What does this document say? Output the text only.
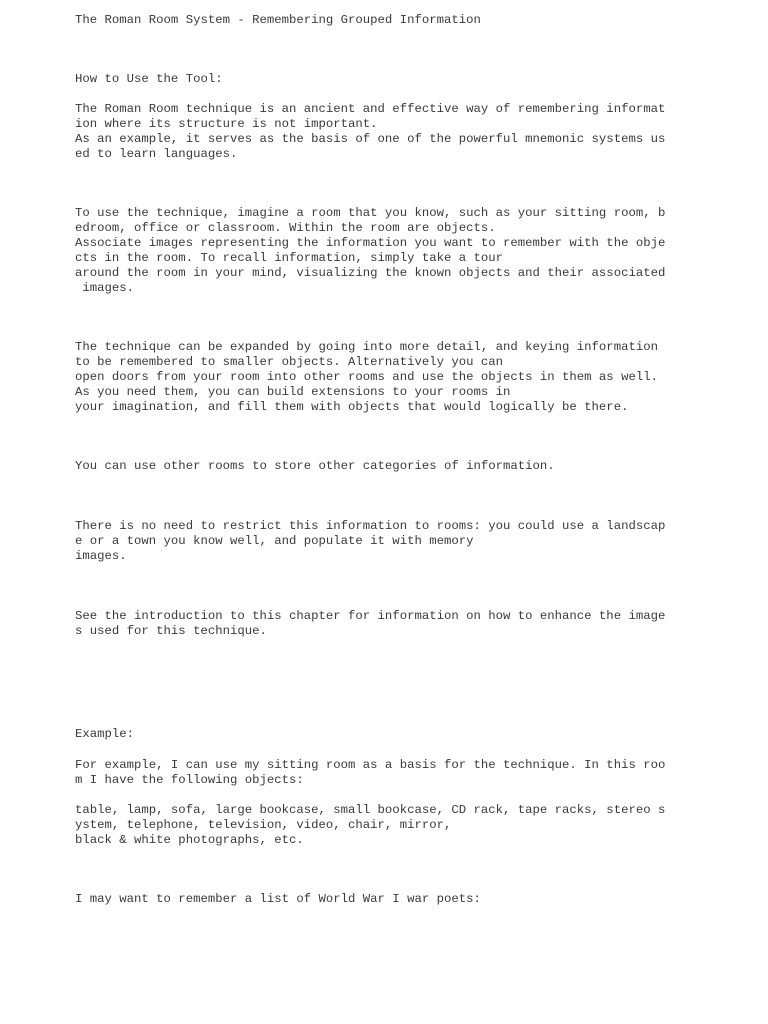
The Roman Room System - Remembering Grouped Information
How to Use the Tool:
The Roman Room technique is an ancient and effective way of remembering informat
ion where its structure is not important.
As an example, it serves as the basis of one of the powerful mnemonic systems us
ed to learn languages.
To use the technique, imagine a room that you know, such as your sitting room, b
edroom, office or classroom. Within the room are objects.
Associate images representing the information you want to remember with the obje
cts in the room. To recall information, simply take a tour
around the room in your mind, visualizing the known objects and their associated
images.
The technique can be expanded by going into more detail, and keying information
to be remembered to smaller objects. Alternatively you can
open doors from your room into other rooms and use the objects in them as well.
As you need them, you can build extensions to your rooms in
your imagination, and fill them with objects that would logically be there.
You can use other rooms to store other categories of information.
There is no need to restrict this information to rooms: you could use a landscap
e or a town you know well, and populate it with memory
images.
See the introduction to this chapter for information on how to enhance the image
s used for this technique.
Example:
For example, I can use my sitting room as a basis for the technique. In this roo
m I have the following objects:
table, lamp, sofa, large bookcase, small bookcase, CD rack, tape racks, stereo s
ystem, telephone, television, video, chair, mirror,
black & white photographs, etc.
I may want to remember a list of World War I war poets:
